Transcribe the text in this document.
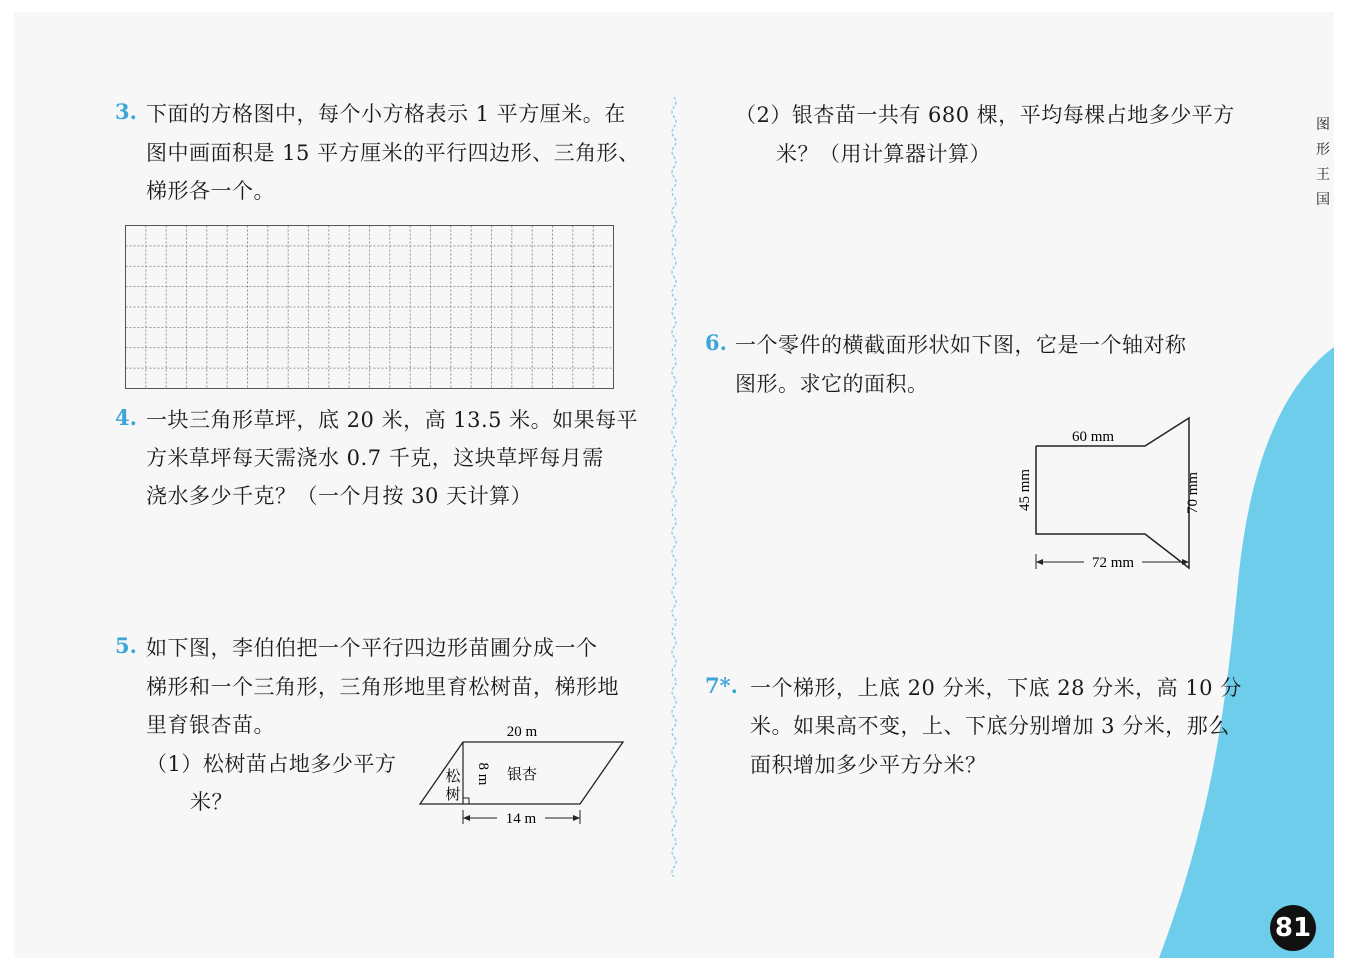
图
形
王
国
81
3. 下面的方格图中，每个小方格表示 1 平方厘米。在
图中画面积是 15 平方厘米的平行四边形、三角形、
梯形各一个。
4. 一块三角形草坪，底 20 米，高 13.5 米。如果每平
方米草坪每天需浇水 0.7 千克，这块草坪每月需
浇水多少千克？（一个月按 30 天计算）
5. 如下图，李伯伯把一个平行四边形苗圃分成一个
梯形和一个三角形，三角形地里育松树苗，梯形地
里育银杏苗。
（1）松树苗占地多少平方
米？
20 m
8 m
松
树
银杏
14 m
（2）银杏苗一共有 680 棵，平均每棵占地多少平方
米？（用计算器计算）
6. 一个零件的横截面形状如下图，它是一个轴对称
图形。求它的面积。
60 mm
45 mm	70 mm
72 mm
7*. 一个梯形，上底 20 分米，下底 28 分米，高 10 分
米。如果高不变，上、下底分别增加 3 分米，那么
面积增加多少平方分米？
